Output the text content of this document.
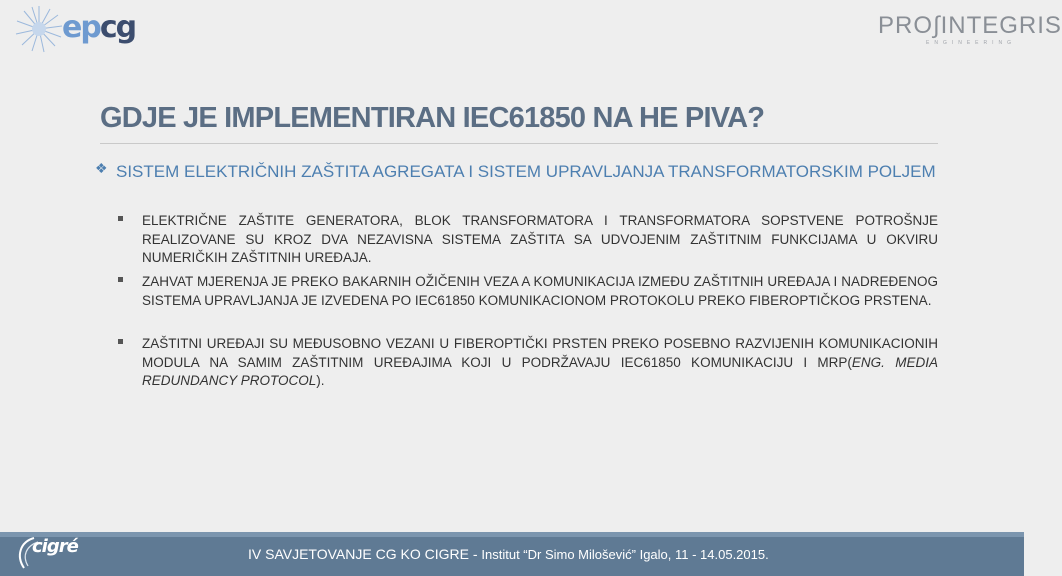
epcg	PRO∫INTEGRIS
ENGINEERING
GDJE JE IMPLEMENTIRAN IEC61850 NA HE PIVA?
❖ SISTEM ELEKTRIČNIH ZAŠTITA AGREGATA I SISTEM UPRAVLJANJA TRANSFORMATORSKIM POLJEM
ELEKTRIČNE ZAŠTITE GENERATORA, BLOK TRANSFORMATORA I TRANSFORMATORA SOPSTVENE POTROŠNJE REALIZOVANE SU KROZ DVA NEZAVISNA SISTEMA ZAŠTITA SA UDVOJENIM ZAŠTITNIM FUNKCIJAMA U OKVIRU NUMERIČKIH ZAŠTITNIH UREĐAJA.
ZAHVAT MJERENJA JE PREKO BAKARNIH OŽIČENIH VEZA A KOMUNIKACIJA IZMEĐU ZAŠTITNIH UREĐAJA I NADREĐENOG SISTEMA UPRAVLJANJA JE IZVEDENA PO IEC61850 KOMUNIKACIONOM PROTOKOLU PREKO FIBEROPTIČKOG PRSTENA.
ZAŠTITNI UREĐAJI SU MEĐUSOBNO VEZANI U FIBEROPTIČKI PRSTEN PREKO POSEBNO RAZVIJENIH KOMUNIKACIONIH MODULA NA SAMIM ZAŠTITNIM UREĐAJIMA KOJI U PODRŽAVAJU IEC61850 KOMUNIKACIJU I MRP(ENG. MEDIA REDUNDANCY PROTOCOL).
IV SAVJETOVANJE CG KO CIGRE - Institut “Dr Simo Milošević” Igalo, 11 - 14.05.2015.
cigré
